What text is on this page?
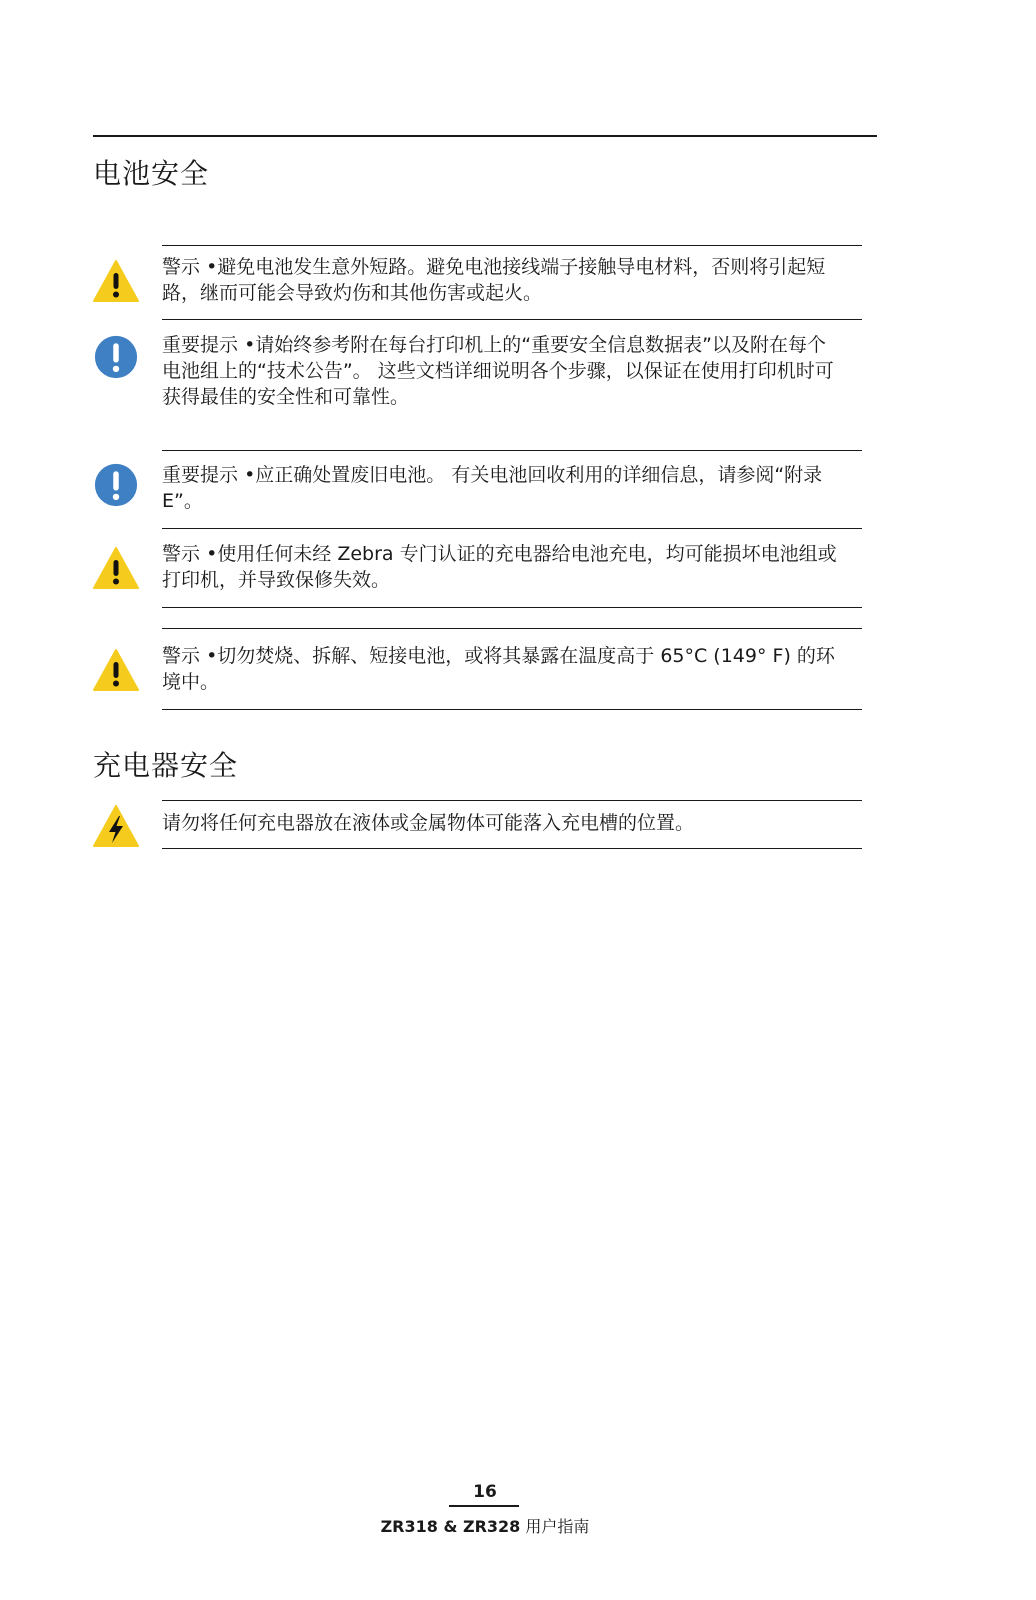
电池安全
警示 •避免电池发生意外短路。避免电池接线端子接触导电材料，否则将引起短路，继而可能会导致灼伤和其他伤害或起火。
重要提示 •请始终参考附在每台打印机上的“重要安全信息数据表”以及附在每个电池组上的“技术公告”。 这些文档详细说明各个步骤，以保证在使用打印机时可获得最佳的安全性和可靠性。
重要提示 •应正确处置废旧电池。 有关电池回收利用的详细信息，请参阅“附录 E”。
警示 •使用任何未经 Zebra 专门认证的充电器给电池充电，均可能损坏电池组或打印机，并导致保修失效。
警示 •切勿焚烧、拆解、短接电池，或将其暴露在温度高于 65°C (149° F) 的环境中。
充电器安全
请勿将任何充电器放在液体或金属物体可能落入充电槽的位置。
16
ZR318 & ZR328 用户指南
